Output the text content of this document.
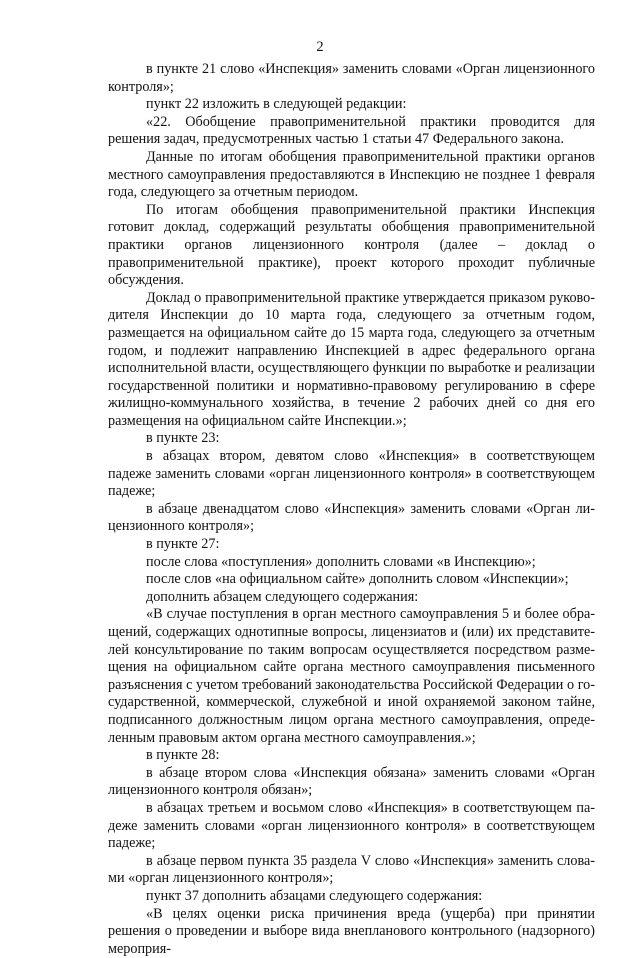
2

в пункте 21 слово «Инспекция» заменить словами «Орган лицензионного контроля»;

пункт 22 изложить в следующей редакции:

«22. Обобщение правоприменительной практики проводится для решения задач, предусмотренных частью 1 статьи 47 Федерального закона.

Данные по итогам обобщения правоприменительной практики органов местного самоуправления предоставляются в Инспекцию не позднее 1 февраля года, следующего за отчетным периодом.

По итогам обобщения правоприменительной практики Инспекция готовит доклад, содержащий результаты обобщения правоприменительной практики органов лицензионного контроля (далее – доклад о правоприменительной практике), проект которого проходит публичные обсуждения.

Доклад о правоприменительной практике утверждается приказом руководителя Инспекции до 10 марта года, следующего за отчетным годом, размещается на официальном сайте до 15 марта года, следующего за отчетным годом, и подлежит направлению Инспекцией в адрес федерального органа исполнительной власти, осуществляющего функции по выработке и реализации государственной политики и нормативно-правовому регулированию в сфере жилищно-коммунального хозяйства, в течение 2 рабочих дней со дня его размещения на официальном сайте Инспекции.»;

в пункте 23:

в абзацах втором, девятом слово «Инспекция» в соответствующем падеже заменить словами «орган лицензионного контроля» в соответствующем падеже;

в абзаце двенадцатом слово «Инспекция» заменить словами «Орган лицензионного контроля»;

в пункте 27:

после слова «поступления» дополнить словами «в Инспекцию»;

после слов «на официальном сайте» дополнить словом «Инспекции»;

дополнить абзацем следующего содержания:

«В случае поступления в орган местного самоуправления 5 и более обращений, содержащих однотипные вопросы, лицензиатов и (или) их представителей консультирование по таким вопросам осуществляется посредством размещения на официальном сайте органа местного самоуправления письменного разъяснения с учетом требований законодательства Российской Федерации о государственной, коммерческой, служебной и иной охраняемой законом тайне, подписанного должностным лицом органа местного самоуправления, определенным правовым актом органа местного самоуправления.»;

в пункте 28:

в абзаце втором слова «Инспекция обязана» заменить словами «Орган лицензионного контроля обязан»;

в абзацах третьем и восьмом слово «Инспекция» в соответствующем падеже заменить словами «орган лицензионного контроля» в соответствующем падеже;

в абзаце первом пункта 35 раздела V слово «Инспекция» заменить словами «орган лицензионного контроля»;

пункт 37 дополнить абзацами следующего содержания:

«В целях оценки риска причинения вреда (ущерба) при принятии решения о проведении и выборе вида внепланового контрольного (надзорного) мероприя-
